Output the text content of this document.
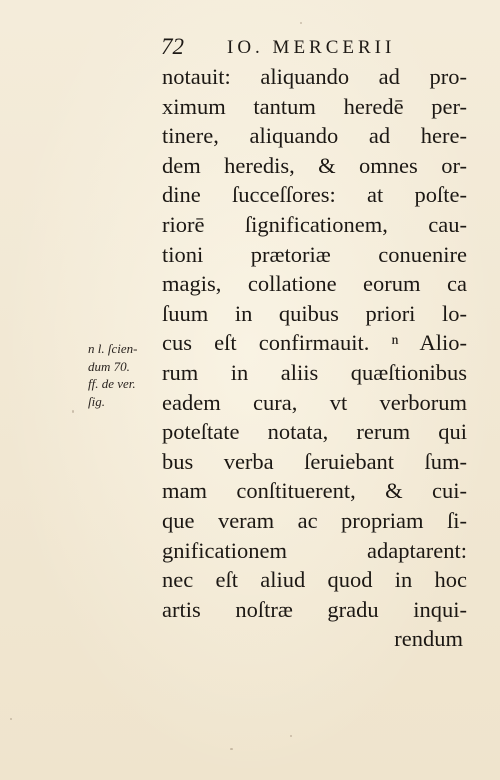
72 IO. MERCERII
n l. ſcien-
dum 70.
ff. de ver.
ſig.
notauit: aliquando ad pro-
ximum tantum heredē per-
tinere, aliquando ad here-
dem heredis, & omnes or-
dine ſucceſſores: at poſte-
riorē ſignificationem, cau-
tioni prætoriæ conuenire
magis, collatione eorum ca
ſuum in quibus priori lo-
cus eſt confirmauit. ⁿ Alio-
rum in aliis quæſtionibus
eadem cura, vt verborum
poteſtate notata, rerum qui
bus verba ſeruiebant ſum-
mam conſtituerent, & cui-
que veram ac propriam ſi-
gnificationem adaptarent:
nec eſt aliud quod in hoc
artis noſtræ gradu inqui-
rendum
